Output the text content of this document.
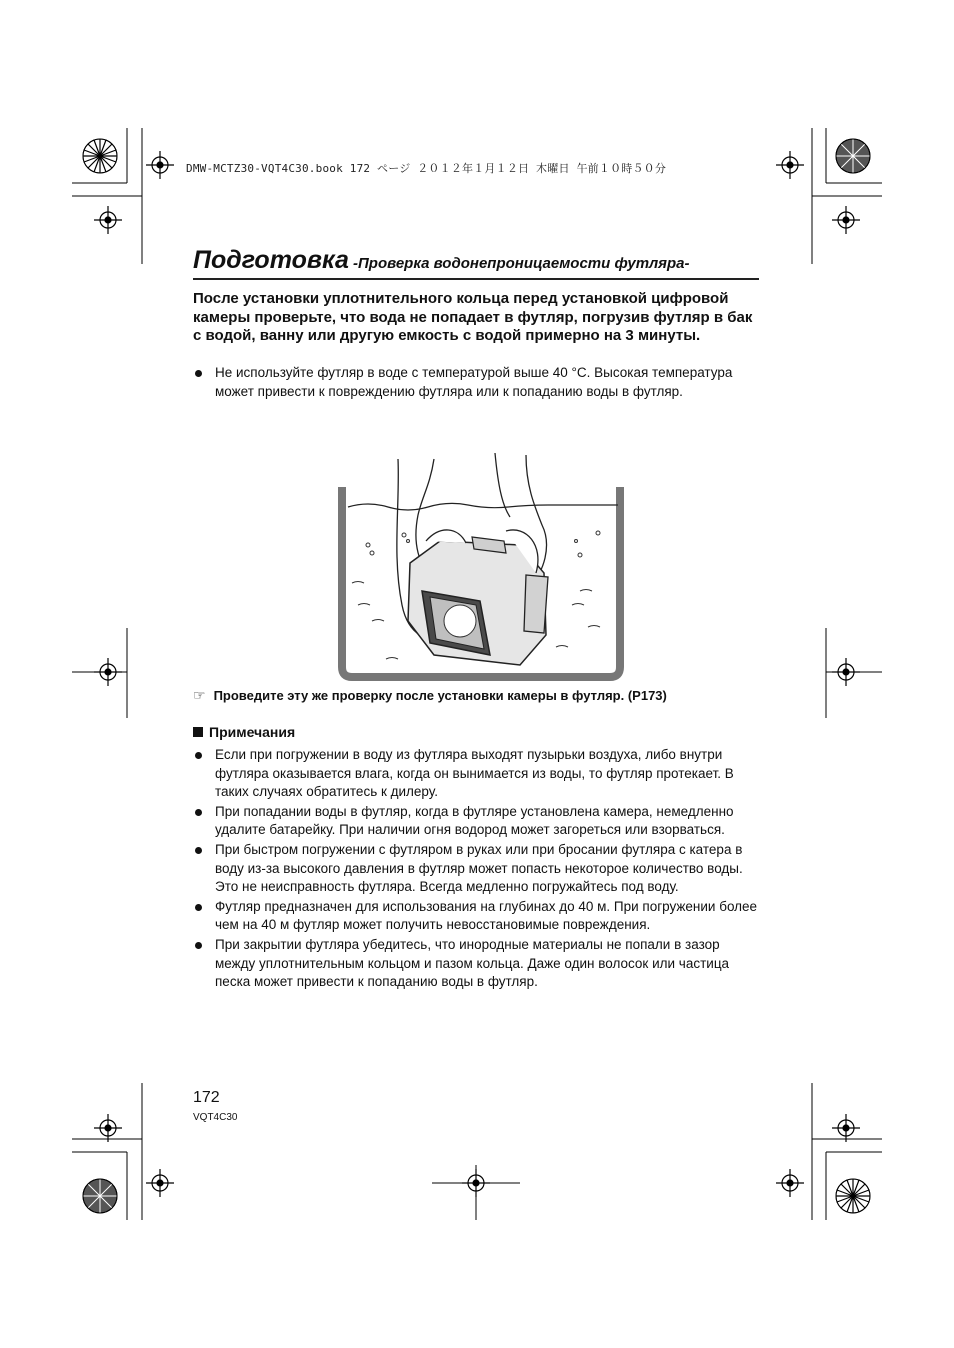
DMW-MCTZ30-VQT4C30.book 172 ページ ２０１２年１月１２日 木曜日 午前１０時５０分
Подготовка -Проверка водонепроницаемости футляра-

После установки уплотнительного кольца перед установкой цифровой камеры проверьте, что вода не попадает в футляр, погрузив футляр в бак с водой, ванну или другую емкость с водой примерно на 3 минуты.

Не используйте футляр в воде с температурой выше 40 °C. Высокая температура может привести к повреждению футляра или к попаданию воды в футляр.
☞ Проведите эту же проверку после установки камеры в футляр. (P173)
Примечания
Если при погружении в воду из футляра выходят пузырьки воздуха, либо внутри футляра оказывается влага, когда он вынимается из воды, то футляр протекает. В таких случаях обратитесь к дилеру.
При попадании воды в футляр, когда в футляре установлена камера, немедленно удалите батарейку. При наличии огня водород может загореться или взорваться.
При быстром погружении с футляром в руках или при бросании футляра с катера в воду из-за высокого давления в футляр может попасть некоторое количество воды. Это не неисправность футляра. Всегда медленно погружайтесь под воду.
Футляр предназначен для использования на глубинах до 40 м. При погружении более чем на 40 м футляр может получить невосстановимые повреждения.
При закрытии футляра убедитесь, что инородные материалы не попали в зазор между уплотнительным кольцом и пазом кольца. Даже один волосок или частица песка может привести к попаданию воды в футляр.
172
VQT4C30
